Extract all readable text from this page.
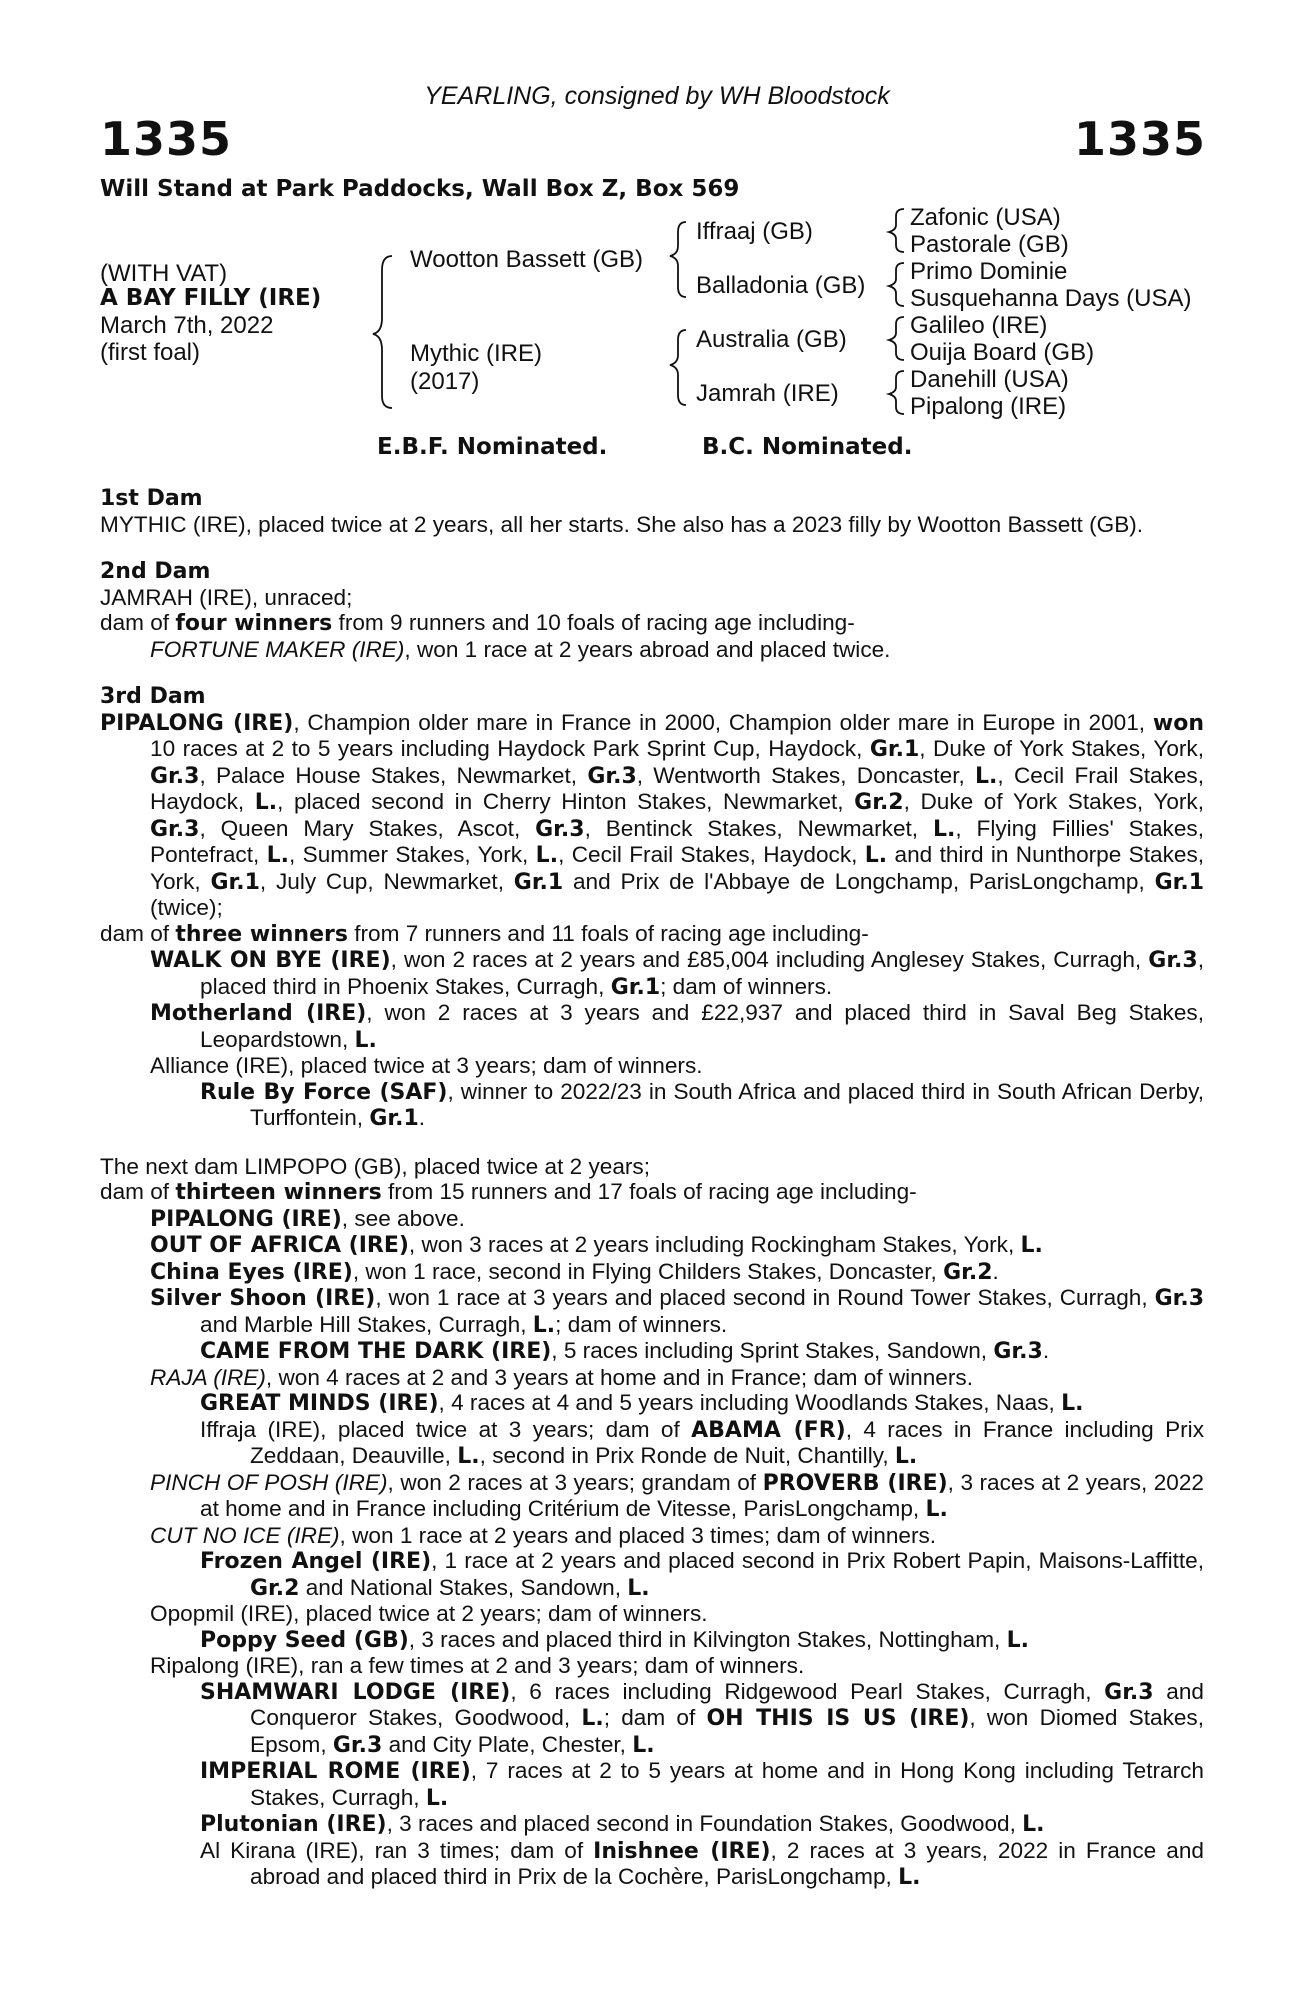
YEARLING, consigned by WH Bloodstock
1335	1335
Will Stand at Park Paddocks, Wall Box Z, Box 569
(WITH VAT)
A BAY FILLY (IRE)
March 7th, 2022
(first foal)
Wootton Bassett (GB)
Mythic (IRE)
(2017)
Iffraaj (GB)
Balladonia (GB)
Australia (GB)
Jamrah (IRE)
Zafonic (USA)
Pastorale (GB)
Primo Dominie
Susquehanna Days (USA)
Galileo (IRE)
Ouija Board (GB)
Danehill (USA)
Pipalong (IRE)
E.B.F. Nominated.	B.C. Nominated.
1st Dam
MYTHIC (IRE), placed twice at 2 years, all her starts. She also has a 2023 filly by Wootton Bassett (GB).
2nd Dam
JAMRAH (IRE), unraced;
dam of four winners from 9 runners and 10 foals of racing age including-
FORTUNE MAKER (IRE), won 1 race at 2 years abroad and placed twice.
3rd Dam
PIPALONG (IRE), Champion older mare in France in 2000, Champion older mare in Europe in 2001, won 10 races at 2 to 5 years including Haydock Park Sprint Cup, Haydock, Gr.1, Duke of York Stakes, York, Gr.3, Palace House Stakes, Newmarket, Gr.3, Wentworth Stakes, Doncaster, L., Cecil Frail Stakes, Haydock, L., placed second in Cherry Hinton Stakes, Newmarket, Gr.2, Duke of York Stakes, York, Gr.3, Queen Mary Stakes, Ascot, Gr.3, Bentinck Stakes, Newmarket, L., Flying Fillies' Stakes, Pontefract, L., Summer Stakes, York, L., Cecil Frail Stakes, Haydock, L. and third in Nunthorpe Stakes, York, Gr.1, July Cup, Newmarket, Gr.1 and Prix de l'Abbaye de Longchamp, ParisLongchamp, Gr.1 (twice);
dam of three winners from 7 runners and 11 foals of racing age including-
WALK ON BYE (IRE), won 2 races at 2 years and £85,004 including Anglesey Stakes, Curragh, Gr.3, placed third in Phoenix Stakes, Curragh, Gr.1; dam of winners.
Motherland (IRE), won 2 races at 3 years and £22,937 and placed third in Saval Beg Stakes, Leopardstown, L.
Alliance (IRE), placed twice at 3 years; dam of winners.
Rule By Force (SAF), winner to 2022/23 in South Africa and placed third in South African Derby, Turffontein, Gr.1.
The next dam LIMPOPO (GB), placed twice at 2 years;
dam of thirteen winners from 15 runners and 17 foals of racing age including-
PIPALONG (IRE), see above.
OUT OF AFRICA (IRE), won 3 races at 2 years including Rockingham Stakes, York, L.
China Eyes (IRE), won 1 race, second in Flying Childers Stakes, Doncaster, Gr.2.
Silver Shoon (IRE), won 1 race at 3 years and placed second in Round Tower Stakes, Curragh, Gr.3 and Marble Hill Stakes, Curragh, L.; dam of winners.
CAME FROM THE DARK (IRE), 5 races including Sprint Stakes, Sandown, Gr.3.
RAJA (IRE), won 4 races at 2 and 3 years at home and in France; dam of winners.
GREAT MINDS (IRE), 4 races at 4 and 5 years including Woodlands Stakes, Naas, L.
Iffraja (IRE), placed twice at 3 years; dam of ABAMA (FR), 4 races in France including Prix Zeddaan, Deauville, L., second in Prix Ronde de Nuit, Chantilly, L.
PINCH OF POSH (IRE), won 2 races at 3 years; grandam of PROVERB (IRE), 3 races at 2 years, 2022 at home and in France including Critérium de Vitesse, ParisLongchamp, L.
CUT NO ICE (IRE), won 1 race at 2 years and placed 3 times; dam of winners.
Frozen Angel (IRE), 1 race at 2 years and placed second in Prix Robert Papin, Maisons-Laffitte, Gr.2 and National Stakes, Sandown, L.
Opopmil (IRE), placed twice at 2 years; dam of winners.
Poppy Seed (GB), 3 races and placed third in Kilvington Stakes, Nottingham, L.
Ripalong (IRE), ran a few times at 2 and 3 years; dam of winners.
SHAMWARI LODGE (IRE), 6 races including Ridgewood Pearl Stakes, Curragh, Gr.3 and Conqueror Stakes, Goodwood, L.; dam of OH THIS IS US (IRE), won Diomed Stakes, Epsom, Gr.3 and City Plate, Chester, L.
IMPERIAL ROME (IRE), 7 races at 2 to 5 years at home and in Hong Kong including Tetrarch Stakes, Curragh, L.
Plutonian (IRE), 3 races and placed second in Foundation Stakes, Goodwood, L.
Al Kirana (IRE), ran 3 times; dam of Inishnee (IRE), 2 races at 3 years, 2022 in France and abroad and placed third in Prix de la Cochère, ParisLongchamp, L.
